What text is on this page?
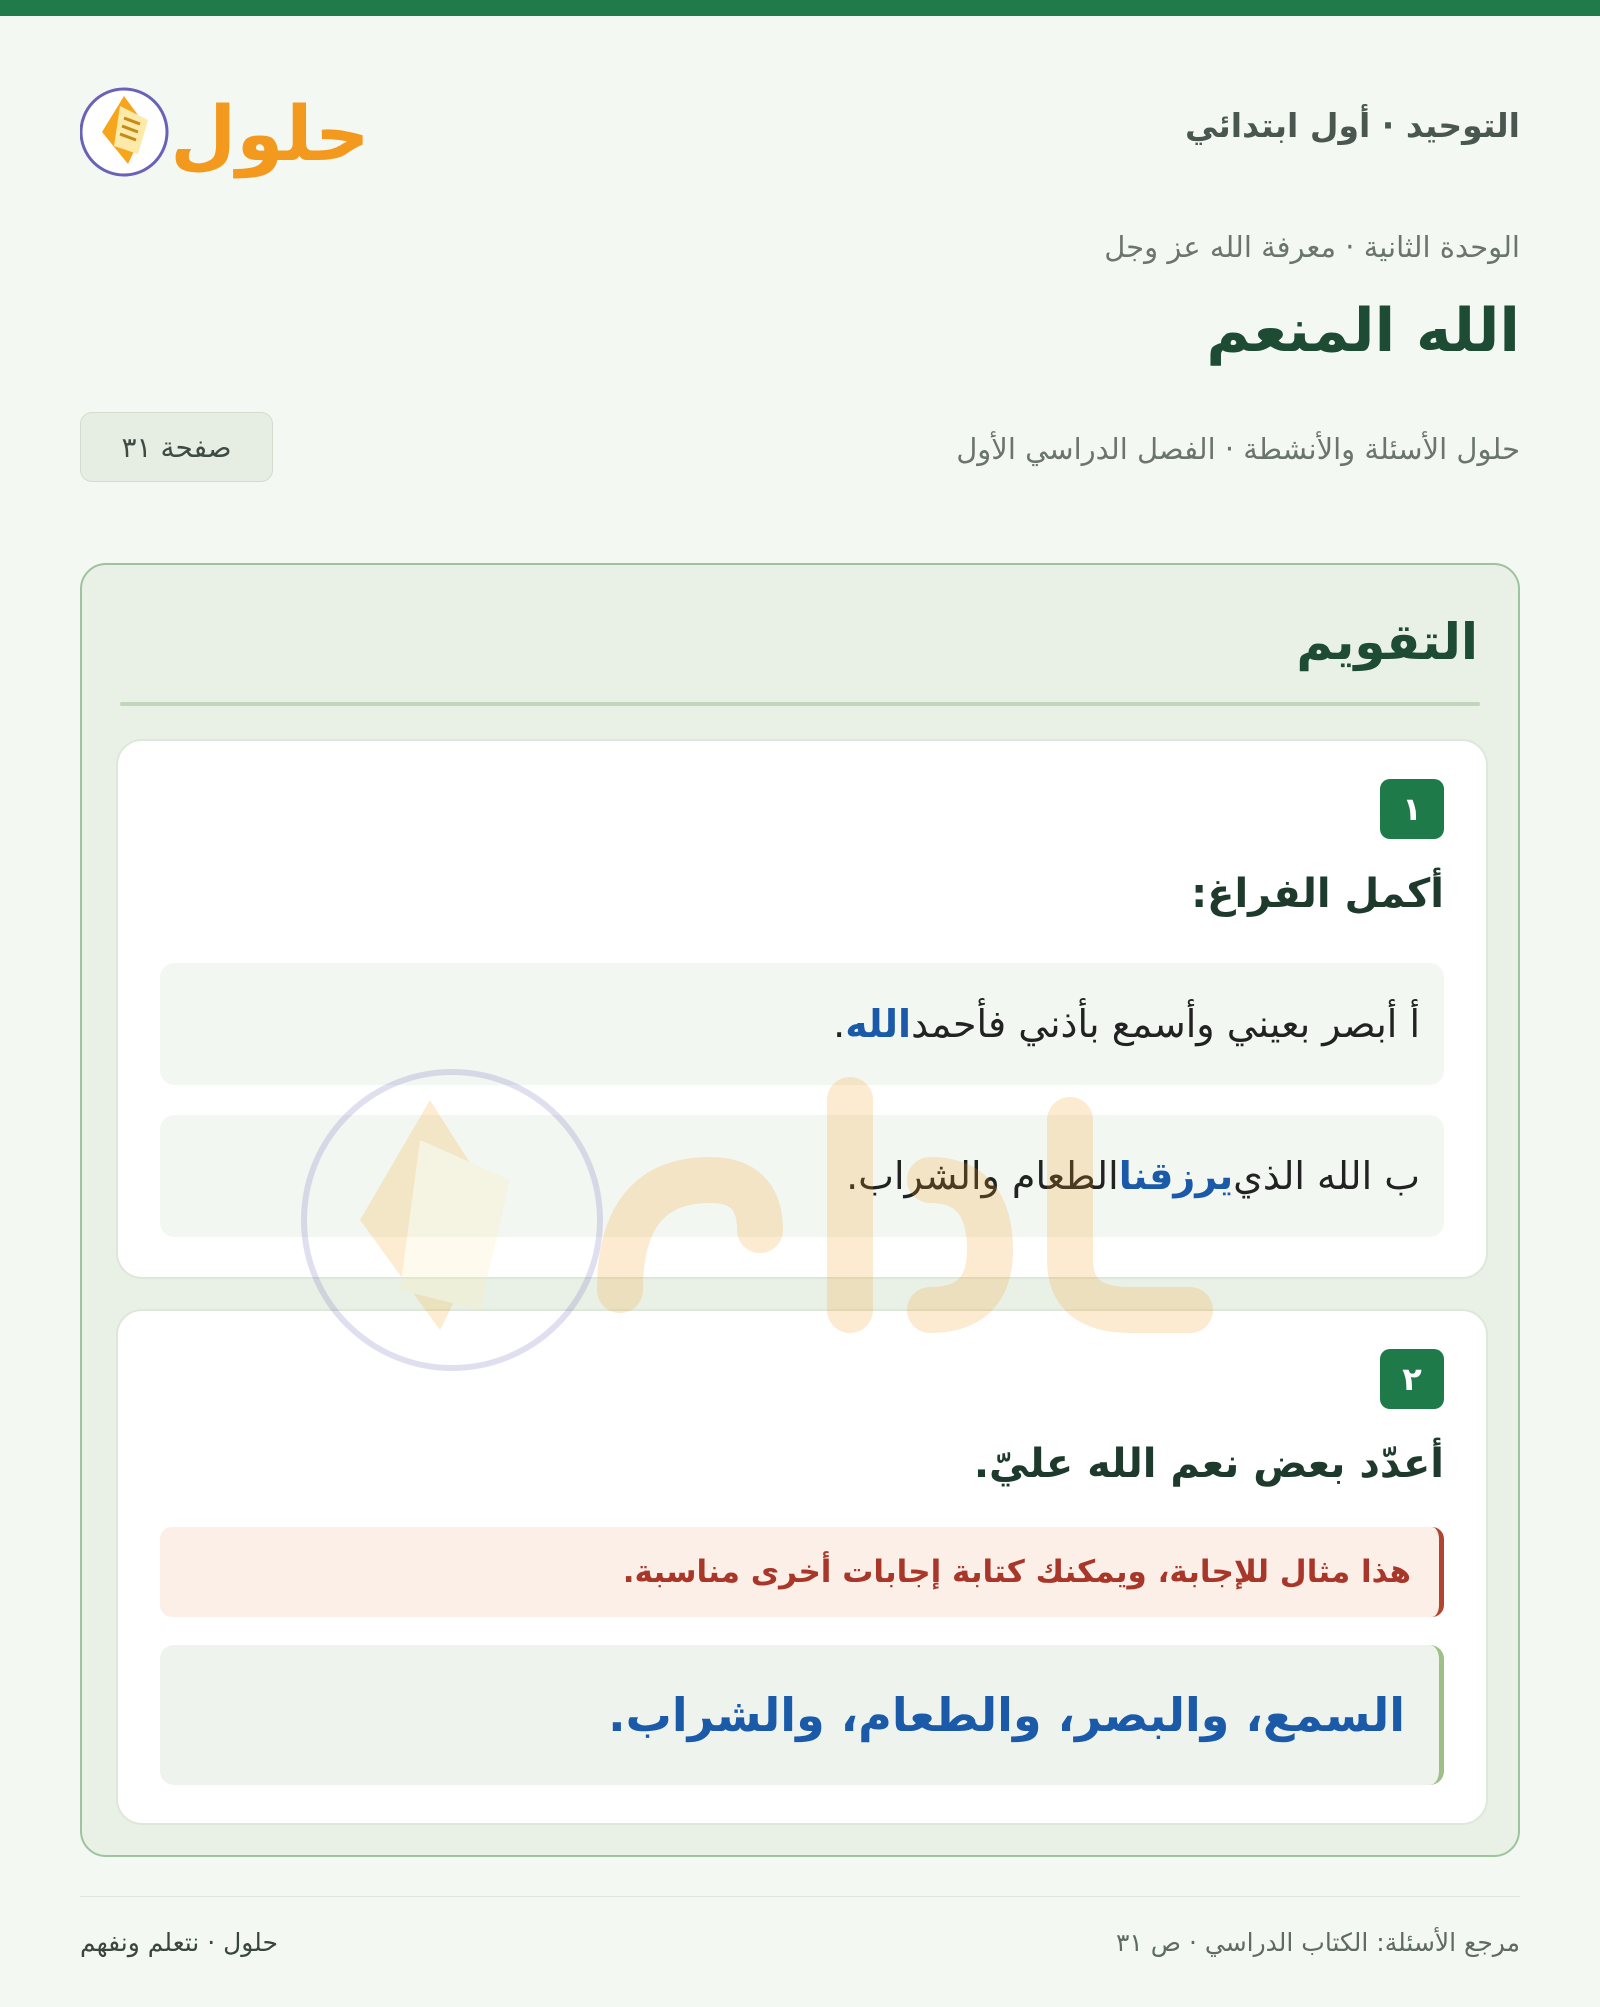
التوحيد · أول ابتدائي
حلول
الوحدة الثانية · معرفة الله عز وجل
الله المنعم
حلول الأسئلة والأنشطة · الفصل الدراسي الأول
صفحة ٣١
التقويم
١
أكمل الفراغ:
أ أبصر بعيني وأسمع بأذني فأحمد
الله
.
ب الله الذي
يرزقنا
الطعام والشراب.
٢
أعدّد بعض نعم الله عليّ.
هذا مثال للإجابة، ويمكنك كتابة إجابات أخرى مناسبة.
السمع، والبصر، والطعام، والشراب.
مرجع الأسئلة: الكتاب الدراسي · ص ٣١
حلول · نتعلم ونفهم
